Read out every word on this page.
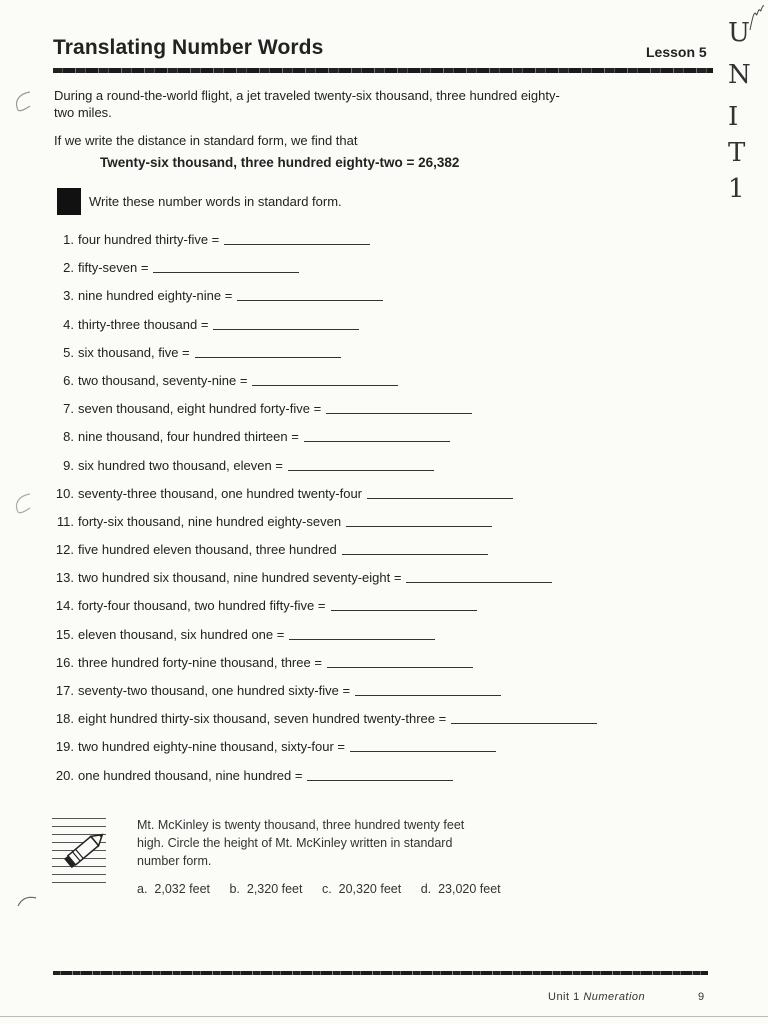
Translating Number Words	Lesson 5
U
N
I
T
1
During a round-the-world flight, a jet traveled twenty-six thousand, three hundred eighty-two miles.
If we write the distance in standard form, we find that
Twenty-six thousand, three hundred eighty-two = 26,382
Write these number words in standard form.
1. four hundred thirty-five =
2. fifty-seven =
3. nine hundred eighty-nine =
4. thirty-three thousand =
5. six thousand, five =
6. two thousand, seventy-nine =
7. seven thousand, eight hundred forty-five =
8. nine thousand, four hundred thirteen =
9. six hundred two thousand, eleven =
10. seventy-three thousand, one hundred twenty-four
11. forty-six thousand, nine hundred eighty-seven
12. five hundred eleven thousand, three hundred
13. two hundred six thousand, nine hundred seventy-eight =
14. forty-four thousand, two hundred fifty-five =
15. eleven thousand, six hundred one =
16. three hundred forty-nine thousand, three =
17. seventy-two thousand, one hundred sixty-five =
18. eight hundred thirty-six thousand, seven hundred twenty-three =
19. two hundred eighty-nine thousand, sixty-four =
20. one hundred thousand, nine hundred =
Mt. McKinley is twenty thousand, three hundred twenty feet high. Circle the height of Mt. McKinley written in standard number form.
a. 2,032 feet b. 2,320 feet c. 20,320 feet d. 23,020 feet
Unit 1 Numeration	9
